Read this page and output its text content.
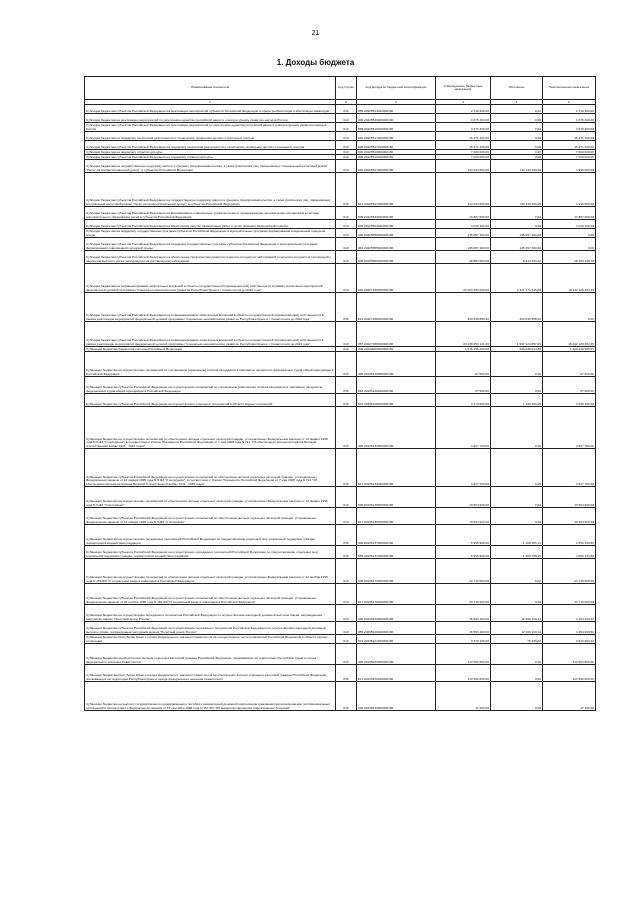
21
1. Доходы бюджета
Наименование показателя	Код строки	Код дохода по бюджетной классификации	Утвержденные бюджетные назначения	Исполнено	Неисполненные назначения
1	2	3	4	5	6
Субсидии бюджетам субъектов Российской Федерации на реализацию мероприятий субъектов Российской Федерации в сфере реабилитации и абилитации инвалидов	010	855 20225514020000150	2 748 400,00	0,00	2 748 400,00
Субсидии бюджетам на реализацию мероприятий по укреплению единства российской нации и этнокультурному развитию народов России	010	000 20225516000000150	4 676 300,00	0,00	4 676 300,00
Субсидии бюджетам субъектов Российской Федерации на реализацию мероприятий по укреплению единства российской нации и этнокультурному развитию народов России	010	865 20225516020000150	4 676 300,00	0,00	4 676 300,00
Субсидии бюджетам на поддержку творческой деятельности и техническое оснащение детских и кукольных театров	010	000 20225517000000150	16 271 200,00	0,00	16 271 200,00
Субсидии бюджетам субъектов Российской Федерации на поддержку творческой деятельности и техническое оснащение детских и кукольных театров	010	808 20225517020000150	16 271 200,00	0,00	16 271 200,00
Субсидии бюджетам на поддержку отрасли культуры	010	000 20225519000000150	7 000 000,00	0,00	7 000 000,00
Субсидии бюджетам субъектов Российской Федерации на поддержку отрасли культуры	010	808 20225519020000150	7 000 000,00	0,00	7 000 000,00
Субсидии бюджетам на государственную поддержку малого и среднего предпринимательства, а также физических лиц, применяющих специальный налоговый режим "Налог на профессиональный доход", в субъектах Российской Федерации	010	000 20225527000000150	114 034 800,00	110 118 300,00	3 916 500,00
Субсидии бюджетам субъектов Российской Федерации на государственную поддержку малого и среднего предпринимательства, а также физических лиц, применяющих специальный налоговый режим "Налог на профессиональный доход", в субъектах Российской Федерации	010	814 20225527020000150	114 034 800,00	110 118 300,00	3 916 500,00
Субсидии бюджетам субъектов Российской Федерации на формирование современных управленческих и организационно-экономических механизмов в системе дополнительного образования детей в субъектах Российской Федерации	010	809 20225533020000150	13 887 600,00	0,00	13 887 600,00
Субсидии бюджетам субъектов Российской Федерации на обеспечение закупки авиационных работ в целях оказания медицинской помощи	010	806 20225554020000150	4 026 100,00	0,00	4 026 100,00
Субсидии бюджетам на поддержку государственных программ субъектов Российской Федерации и муниципальных программ формирования современной городской среды	010	000 20225555000000150	145 057 400,00	145 057 400,00	0,00
Субсидии бюджетам субъектов Российской Федерации на поддержку государственных программ субъектов Российской Федерации и муниципальных программ формирования современной городской среды	010	842 20225555020000150	145 057 400,00	145 057 400,00	0,00
Субсидии бюджетам субъектов Российской Федерации на обеспечение профилактики развития сердечно-сосудистых заболеваний и сердечно-сосудистых осложнений у пациентов высокого риска, находящихся на диспансерном наблюдении	010	806 20225586020000150	36 883 500,00	8 614 353,22	28 269 146,78
Субсидии бюджетам на софинансирование капитальных вложений в объекты государственной (муниципальной) собственности в рамках реализации мероприятий федеральной целевой программы "Социально-экономическое развитие Республики Крым и г. Севастополя до 2024 года"	010	000 20227188000000150	20 563 300 000,00	2 321 171 715,65	18 242 128 284,35
Субсидии бюджетам субъектов Российской Федерации на софинансирование капитальных вложений в объекты государственной (муниципальной) собственности в рамках реализации мероприятий федеральной целевой программы "Социально-экономическое развитие Республики Крым и г. Севастополя до 2024 года"	010	812 20227188020000150	324 046 858,40	324 046 858,40	0,00
Субсидии бюджетам субъектов Российской Федерации на софинансирование капитальных вложений в объекты государственной (муниципальной) собственности в рамках реализации мероприятий федеральной целевой программы "Социально-экономическое развитие Республики Крым и г. Севастополя до 2024 года"	010	867 20227188020000150	20 239 253 141,60	1 997 124 857,25	18 242 128 284,35
Субвенции бюджетам бюджетной системы Российской Федерации	010	000 20230000000000150	1 516 455 200,00	296 038 614,39	1 220 416 585,61
Субвенции бюджетам на осуществление полномочий по составлению (изменению) списков кандидатов в присяжные заседатели федеральных судов общей юрисдикции в Российской Федерации	010	000 20235120000000150	67 600,00	0,00	67 600,00
Субвенции бюджетам субъектов Российской Федерации на осуществление полномочий по составлению (изменению) списков кандидатов в присяжные заседатели федеральных судов общей юрисдикции в Российской Федерации	010	863 20235120020000150	67 600,00	0,00	67 600,00
Субвенции бюджетам субъектов Российской Федерации на осуществление отдельных полномочий в области водных отношений	010	831 20235128020000150	4 174 600,00	1 139 300,00	3 035 300,00
Субвенции бюджетам на осуществление полномочий по обеспечению жильем отдельных категорий граждан, установленных Федеральным законом от 12 января 1995 года N 5-ФЗ "О ветеранах", в соответствии с Указом Президента Российской Федерации от 7 мая 2008 года N 714 "Об обеспечении жильем ветеранов Великой Отечественной войны 1941 - 1945 годов"	010	000 20235134000000150	4 627 700,00	0,00	4 627 700,00
Субвенции бюджетам субъектов Российской Федерации на осуществление полномочий по обеспечению жильем отдельных категорий граждан, установленных Федеральным законом от 12 января 1995 года N 5-ФЗ "О ветеранах", в соответствии с Указом Президента Российской Федерации от 7 мая 2008 года N 714 "Об обеспечении жильем ветеранов Великой Отечественной войны 1941 - 1945 годов"	010	817 20235134020000150	4 627 700,00	0,00	4 627 700,00
Субвенции бюджетам на осуществление полномочий по обеспечению жильем отдельных категорий граждан, установленных Федеральным законом от 12 января 1995 года N 5-ФЗ "О ветеранах"	010	000 20235135000000150	13 564 900,00	0,00	13 564 900,00
Субвенции бюджетам субъектов Российской Федерации на осуществление полномочий по обеспечению жильем отдельных категорий граждан, установленных Федеральным законом от 12 января 1995 года N 5-ФЗ "О ветеранах"	010	817 20235135020000150	13 564 900,00	0,00	13 564 900,00
Субвенции бюджетам на осуществление переданных полномочий Российской Федерации по предоставлению отдельных мер социальной поддержки граждан, подвергшихся воздействию радиации	010	000 20235137000000150	5 956 900,00	1 400 765,14	4 556 134,86
Субвенции бюджетам субъектов Российской Федерации на осуществление переданных полномочий Российской Федерации по предоставлению отдельных мер социальной поддержки граждан, подвергшихся воздействию радиации	010	855 20235137020000150	5 956 900,00	1 400 765,14	4 556 134,86
Субвенции бюджетам на осуществление полномочий по обеспечению жильем отдельных категорий граждан, установленных Федеральным законом от 24 ноября 1995 года N 181-ФЗ "О социальной защите инвалидов в Российской Федерации"	010	000 20235176000000150	24 719 600,00	0,00	24 719 600,00
Субвенции бюджетам субъектов Российской Федерации на осуществление полномочий по обеспечению жильем отдельных категорий граждан, установленных Федеральным законом от 24 ноября 1995 года N 181-ФЗ "О социальной защите инвалидов в Российской Федерации"	010	817 20235176020000150	24 719 600,00	0,00	24 719 600,00
Субвенции бюджетам на осуществление переданного полномочия Российской Федерации по осуществлению ежегодной денежной выплаты лицам, награжденным нагрудным знаком "Почетный донор России"	010	000 20235220000000150	16 563 400,00	12 299 100,44	4 264 299,56
Субвенции бюджетам субъектов Российской Федерации на осуществление переданного полномочия Российской Федерации по осуществлению ежегодной денежной выплаты лицам, награжденным нагрудным знаком "Почетный донор России"	010	855 20235220020000150	16 563 400,00	12 299 100,44	4 264 299,56
Субвенции бюджетам Республики Крым и города федерального значения Севастополя на осуществление части полномочий Российской Федерации в области лесных отношений	010	831 20235221020000150	3 720 100,00	76 139,80	3 643 960,20
Субвенции бюджетам на обеспечение жильем отдельных категорий граждан Российской Федерации, проживающих на территориях Республики Крым и города федерального значения Севастополя	010	000 20235222000000150	113 502 800,00	0,00	113 502 800,00
Субвенции бюджетам Республики Крым и города федерального значения Севастополя на обеспечение жильем отдельных категорий граждан Российской Федерации, проживающих на территории Республики Крым и города федерального значения Севастополя	010	817 20235222020000150	113 502 800,00	0,00	113 502 800,00
Субвенции бюджетам на выплату государственного единовременного пособия и ежемесячной денежной компенсации гражданам при возникновении поствакцинальных осложнений в соответствии с Федеральным законом от 17 сентября 1998 года N 157-ФЗ "Об иммунопрофилактике инфекционных болезней"	010	000 20235240000000150	17 300,00	0,00	17 300,00
